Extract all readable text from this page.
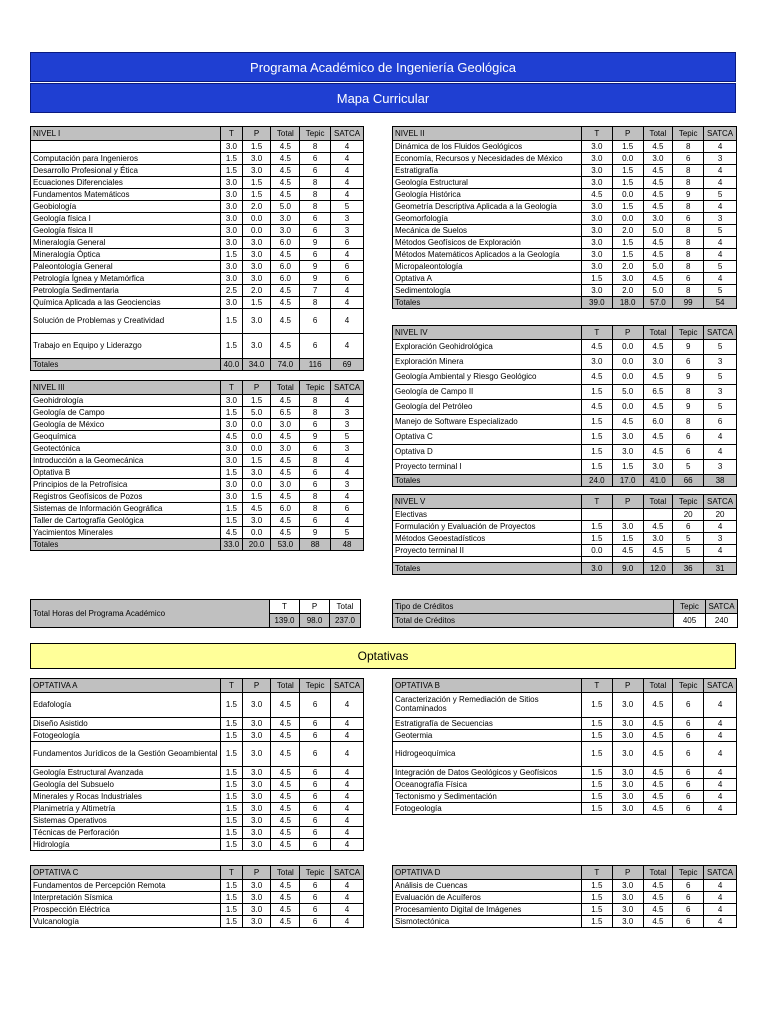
Programa Académico de Ingeniería Geológica
Mapa Curricular
NIVEL I	T	P	Total	Tepic	SATCA
	3.0	1.5	4.5	8	4
Computación para Ingenieros	1.5	3.0	4.5	6	4
Desarrollo Profesional y Ética	1.5	3.0	4.5	6	4
Ecuaciones Diferenciales	3.0	1.5	4.5	8	4
Fundamentos Matemáticos	3.0	1.5	4.5	8	4
Geobiología	3.0	2.0	5.0	8	5
Geología física I	3.0	0.0	3.0	6	3
Geología física II	3.0	0.0	3.0	6	3
Mineralogía General	3.0	3.0	6.0	9	6
Mineralogía Óptica	1.5	3.0	4.5	6	4
Paleontología General	3.0	3.0	6.0	9	6
Petrología Ígnea y Metamórfica	3.0	3.0	6.0	9	6
Petrología Sedimentaria	2.5	2.0	4.5	7	4
Química Aplicada a las Geociencias	3.0	1.5	4.5	8	4
Solución de Problemas y Creatividad	1.5	3.0	4.5	6	4
Trabajo en Equipo y Liderazgo	1.5	3.0	4.5	6	4
Totales	40.0	34.0	74.0	116	69
NIVEL II	T	P	Total	Tepic	SATCA
Dinámica de los Fluidos Geológicos	3.0	1.5	4.5	8	4
Economía, Recursos y Necesidades de México	3.0	0.0	3.0	6	3
Estratigrafía	3.0	1.5	4.5	8	4
Geología Estructural	3.0	1.5	4.5	8	4
Geología Histórica	4.5	0.0	4.5	9	5
Geometría Descriptiva Aplicada a la Geología	3.0	1.5	4.5	8	4
Geomorfología	3.0	0.0	3.0	6	3
Mecánica de Suelos	3.0	2.0	5.0	8	5
Métodos Geofísicos de Exploración	3.0	1.5	4.5	8	4
Métodos Matemáticos Aplicados a la Geología	3.0	1.5	4.5	8	4
Micropaleontología	3.0	2.0	5.0	8	5
Optativa A	1.5	3.0	4.5	6	4
Sedimentología	3.0	2.0	5.0	8	5
Totales	39.0	18.0	57.0	99	54
NIVEL IV	T	P	Total	Tepic	SATCA
Exploración Geohidrológica	4.5	0.0	4.5	9	5
Exploración Minera	3.0	0.0	3.0	6	3
Geología Ambiental y Riesgo Geológico	4.5	0.0	4.5	9	5
Geología de Campo II	1.5	5.0	6.5	8	3
Geología del Petróleo	4.5	0.0	4.5	9	5
Manejo de Software Especializado	1.5	4.5	6.0	8	6
Optativa C	1.5	3.0	4.5	6	4
Optativa D	1.5	3.0	4.5	6	4
Proyecto terminal I	1.5	1.5	3.0	5	3
Totales	24.0	17.0	41.0	66	38
NIVEL III	T	P	Total	Tepic	SATCA
Geohidrología	3.0	1.5	4.5	8	4
Geología de Campo	1.5	5.0	6.5	8	3
Geología de México	3.0	0.0	3.0	6	3
Geoquímica	4.5	0.0	4.5	9	5
Geotectónica	3.0	0.0	3.0	6	3
Introducción a la Geomecánica	3.0	1.5	4.5	8	4
Optativa B	1.5	3.0	4.5	6	4
Principios de la Petrofísica	3.0	0.0	3.0	6	3
Registros Geofísicos de Pozos	3.0	1.5	4.5	8	4
Sistemas de Información Geográfica	1.5	4.5	6.0	8	6
Taller de Cartografía Geológica	1.5	3.0	4.5	6	4
Yacimientos Minerales	4.5	0.0	4.5	9	5
Totales	33.0	20.0	53.0	88	48
NIVEL V	T	P	Total	Tepic	SATCA
Electivas				20	20
Formulación y Evaluación de Proyectos	1.5	3.0	4.5	6	4
Métodos Geoestadísticos	1.5	1.5	3.0	5	3
Proyecto terminal II	0.0	4.5	4.5	5	4

Totales	3.0	9.0	12.0	36	31
Total Horas del Programa Académico	T	P	Total
	139.0	98.0	237.0
Tipo de Créditos	Tepic	SATCA
Total de Créditos	405	240
Optativas
OPTATIVA A	T	P	Total	Tepic	SATCA
Edafología	1.5	3.0	4.5	6	4
Diseño Asistido	1.5	3.0	4.5	6	4
Fotogeología	1.5	3.0	4.5	6	4
Fundamentos Jurídicos de la Gestión Geoambiental	1.5	3.0	4.5	6	4
Geología Estructural Avanzada	1.5	3.0	4.5	6	4
Geología del Subsuelo	1.5	3.0	4.5	6	4
Minerales y Rocas Industriales	1.5	3.0	4.5	6	4
Planimetría y Altimetría	1.5	3.0	4.5	6	4
Sistemas Operativos	1.5	3.0	4.5	6	4
Técnicas de Perforación	1.5	3.0	4.5	6	4
Hidrología	1.5	3.0	4.5	6	4
OPTATIVA B	T	P	Total	Tepic	SATCA
Caracterización y Remediación de Sitios Contaminados	1.5	3.0	4.5	6	4
Estratigrafía de Secuencias	1.5	3.0	4.5	6	4
Geotermia	1.5	3.0	4.5	6	4
Hidrogeoquímica	1.5	3.0	4.5	6	4
Integración de Datos Geológicos y Geofísicos	1.5	3.0	4.5	6	4
Oceanografía Física	1.5	3.0	4.5	6	4
Tectonismo y Sedimentación	1.5	3.0	4.5	6	4
Fotogeología	1.5	3.0	4.5	6	4
OPTATIVA C	T	P	Total	Tepic	SATCA
Fundamentos de Percepción Remota	1.5	3.0	4.5	6	4
Interpretación Sísmica	1.5	3.0	4.5	6	4
Prospección Eléctrica	1.5	3.0	4.5	6	4
Vulcanología	1.5	3.0	4.5	6	4
OPTATIVA D	T	P	Total	Tepic	SATCA
Análisis de Cuencas	1.5	3.0	4.5	6	4
Evaluación de Acuíferos	1.5	3.0	4.5	6	4
Procesamiento Digital de Imágenes	1.5	3.0	4.5	6	4
Sismotectónica	1.5	3.0	4.5	6	4
